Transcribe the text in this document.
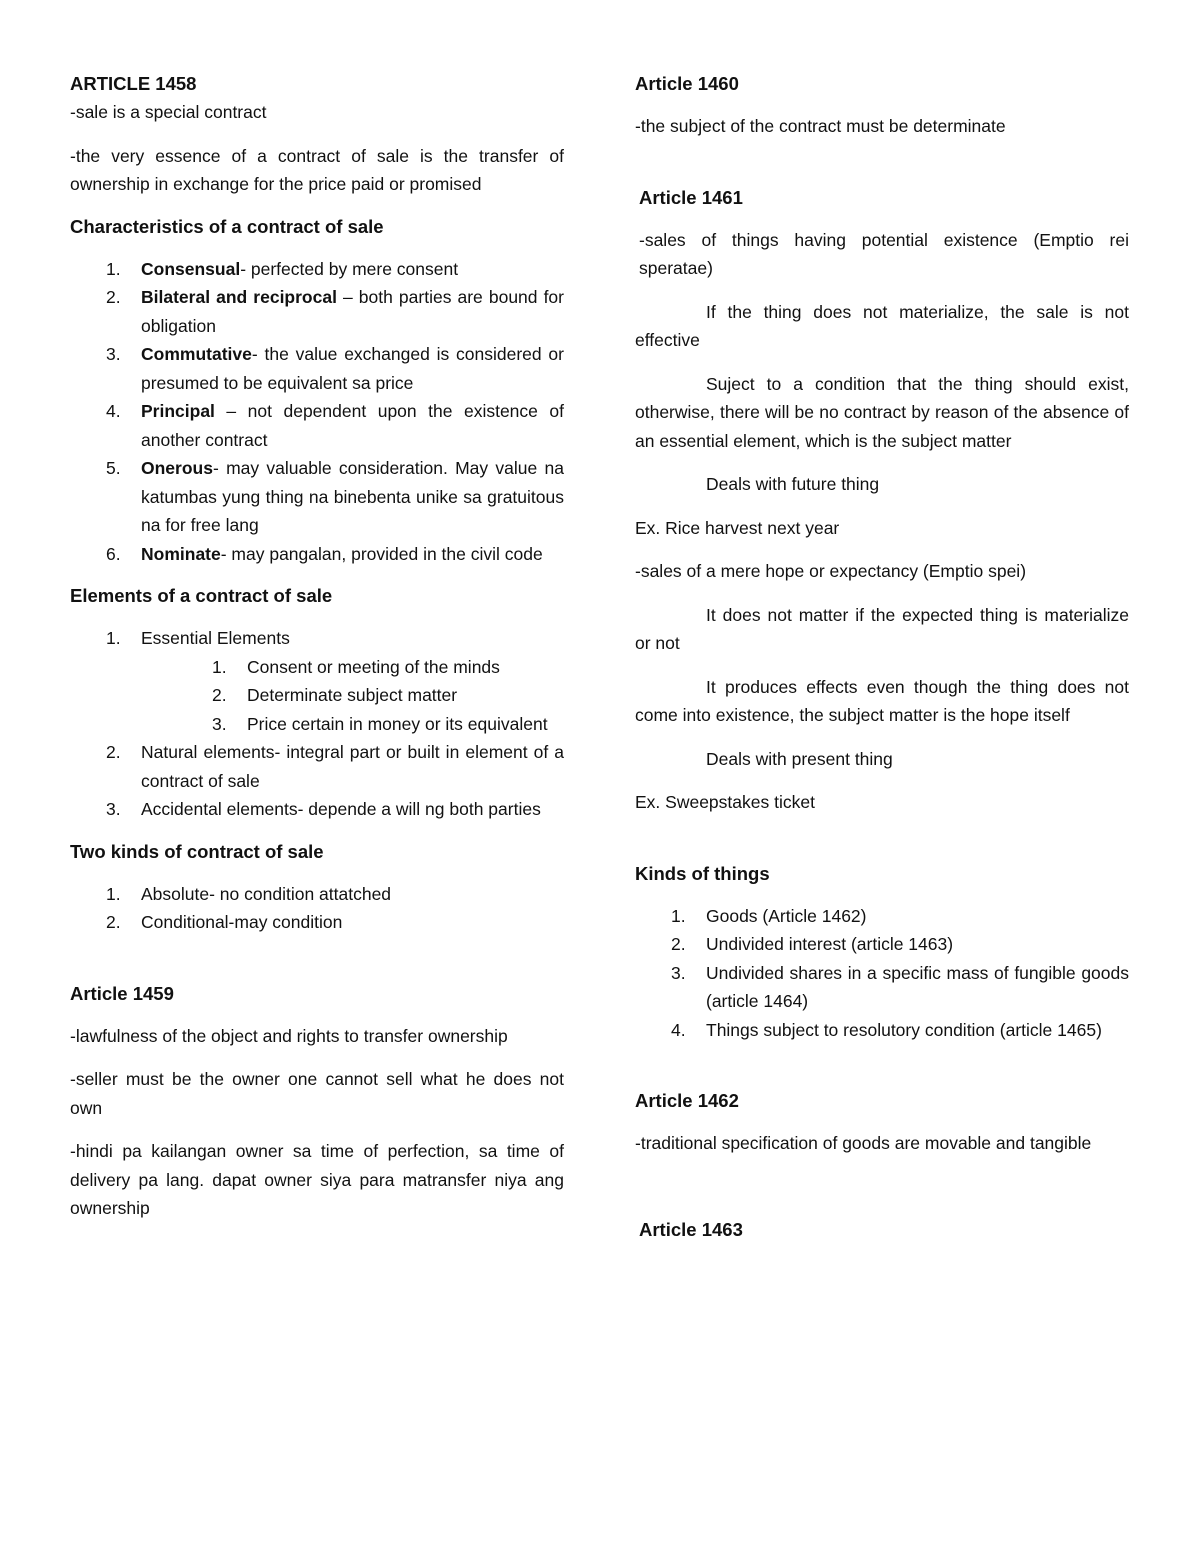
ARTICLE 1458

-sale is a special contract

-the very essence of a contract of sale is the transfer of ownership in exchange for the price paid or promised

Characteristics of a contract of sale
1. Consensual- perfected by mere consent
2. Bilateral and reciprocal – both parties are bound for obligation
3. Commutative- the value exchanged is considered or presumed to be equivalent sa price
4. Principal – not dependent upon the existence of another contract
5. Onerous- may valuable consideration. May value na katumbas yung thing na binebenta unike sa gratuitous na for free lang
6. Nominate- may pangalan, provided in the civil code
Elements of a contract of sale
1. Essential Elements
1. Consent or meeting of the minds
2. Determinate subject matter
3. Price certain in money or its equivalent
2. Natural elements- integral part or built in element of a contract of sale
3. Accidental elements- depende a will ng both parties
Two kinds of contract of sale
1. Absolute- no condition attatched
2. Conditional-may condition
Article 1459

-lawfulness of the object and rights to transfer ownership

-seller must be the owner one cannot sell what he does not own

-hindi pa kailangan owner sa time of perfection, sa time of delivery pa lang. dapat owner siya para matransfer niya ang ownership

Article 1460

-the subject of the contract must be determinate

Article 1461

-sales of things having potential existence (Emptio rei speratae)

If the thing does not materialize, the sale is not effective

Suject to a condition that the thing should exist, otherwise, there will be no contract by reason of the absence of an essential element, which is the subject matter

Deals with future thing

Ex. Rice harvest next year

-sales of a mere hope or expectancy (Emptio spei)

It does not matter if the expected thing is materialize or not

It produces effects even though the thing does not come into existence, the subject matter is the hope itself

Deals with present thing

Ex. Sweepstakes ticket

Kinds of things
1. Goods (Article 1462)
2. Undivided interest (article 1463)
3. Undivided shares in a specific mass of fungible goods (article 1464)
4. Things subject to resolutory condition (article 1465)
Article 1462

-traditional specification of goods are movable and tangible

Article 1463
